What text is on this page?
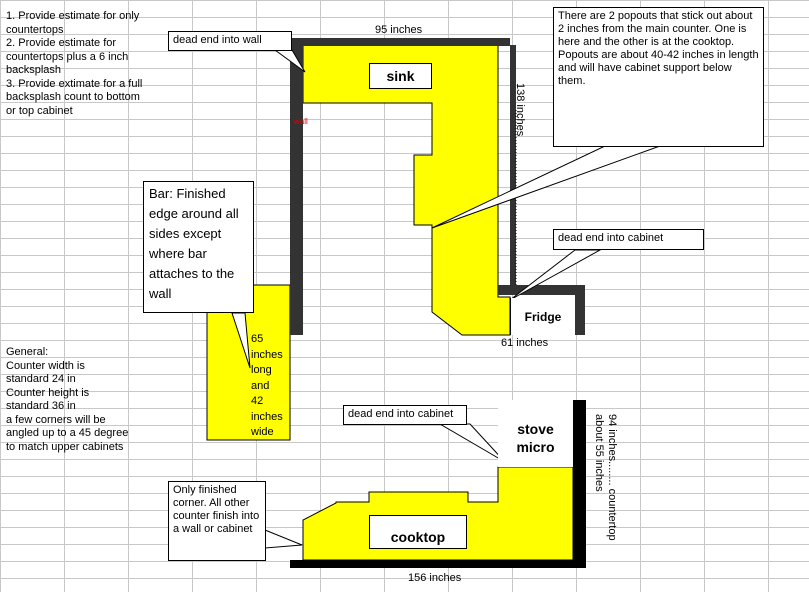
1. Provide estimate for only
countertops
2. Provide estimate for
countertops plus a 6 inch
backsplash
3. Provide extimate for a full
backsplash count to bottom
or top cabinet
General:
Counter width is
standard 24 in
Counter height is
standard 36 in
a few corners will be
angled up to a 45 degree
to match upper cabinets
dead end into wall
There are 2 popouts that stick out about 2 inches from the main counter. One is here and the other is at the cooktop. Popouts are about 40-42 inches in length and will have cabinet support below them.
Bar: Finished edge around all sides except where bar attaches to the wall
dead end into cabinet
dead end into cabinet
Only finished corner. All other counter finish into a wall or cabinet
sink
Fridge
stove
micro
cooktop
wall
95 inches
138 inches
61 inches
156 inches
65
inches
long
and
42
inches
wide
94 inches........ countertop
about 55 inches
